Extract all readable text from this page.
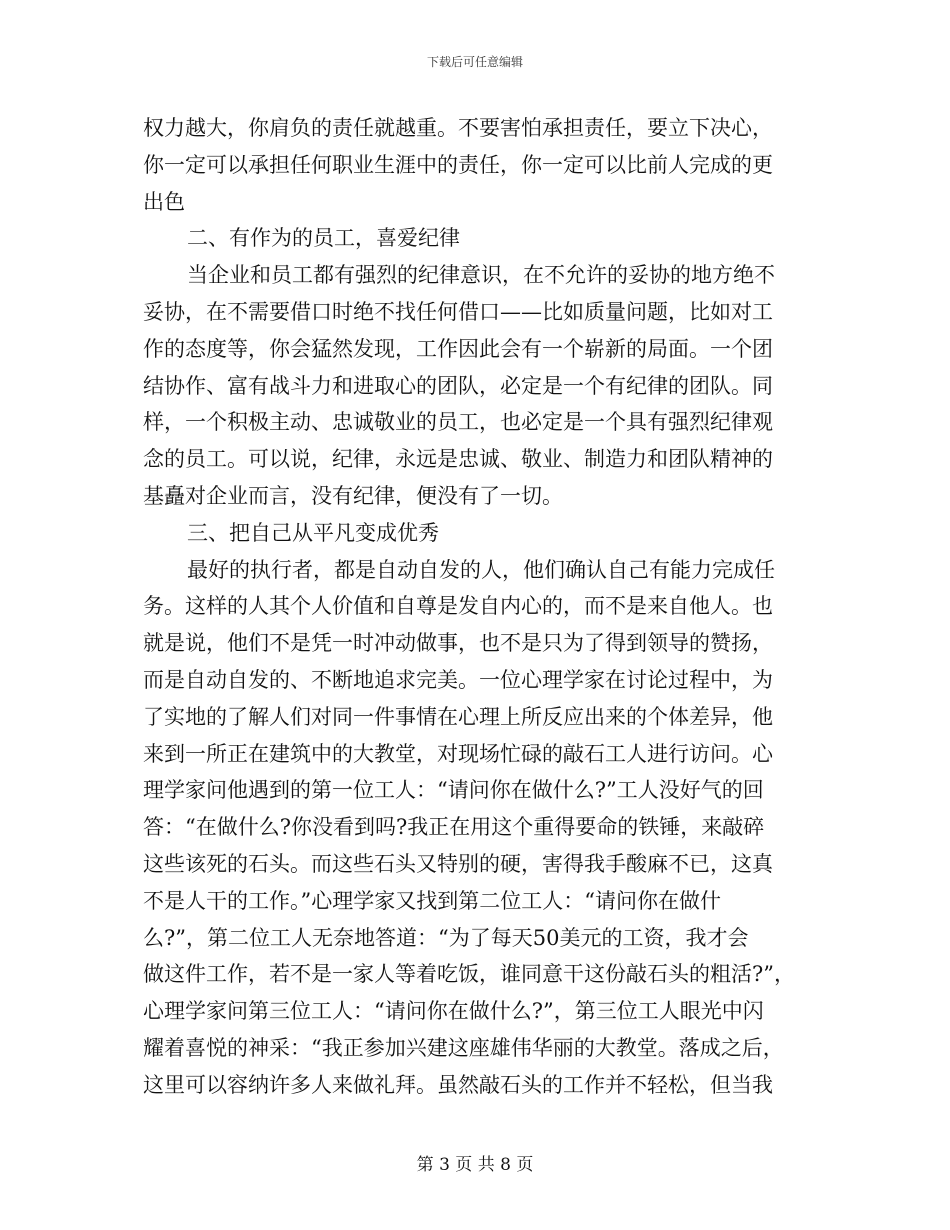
下载后可任意编辑
权力越大，你肩负的责任就越重。不要害怕承担责任，要立下决心，
你一定可以承担任何职业生涯中的责任，你一定可以比前人完成的更
出色
二、有作为的员工，喜爱纪律
当企业和员工都有强烈的纪律意识，在不允许的妥协的地方绝不
妥协，在不需要借口时绝不找任何借口——比如质量问题，比如对工
作的态度等，你会猛然发现，工作因此会有一个崭新的局面。一个团
结协作、富有战斗力和进取心的团队，必定是一个有纪律的团队。同
样，一个积极主动、忠诚敬业的员工，也必定是一个具有强烈纪律观
念的员工。可以说，纪律，永远是忠诚、敬业、制造力和团队精神的
基矗对企业而言，没有纪律，便没有了一切。
三、把自己从平凡变成优秀
最好的执行者，都是自动自发的人，他们确认自己有能力完成任
务。这样的人其个人价值和自尊是发自内心的，而不是来自他人。也
就是说，他们不是凭一时冲动做事，也不是只为了得到领导的赞扬，
而是自动自发的、不断地追求完美。一位心理学家在讨论过程中，为
了实地的了解人们对同一件事情在心理上所反应出来的个体差异，他
来到一所正在建筑中的大教堂，对现场忙碌的敲石工人进行访问。心
理学家问他遇到的第一位工人：“请问你在做什么?”工人没好气的回
答：“在做什么?你没看到吗?我正在用这个重得要命的铁锤，来敲碎
这些该死的石头。而这些石头又特别的硬，害得我手酸麻不已，这真
不是人干的工作。”心理学家又找到第二位工人：“请问你在做什
么?”，第二位工人无奈地答道：“为了每天50美元的工资，我才会
做这件工作，若不是一家人等着吃饭，谁同意干这份敲石头的粗活?”，
心理学家问第三位工人：“请问你在做什么?”，第三位工人眼光中闪
耀着喜悦的神采：“我正参加兴建这座雄伟华丽的大教堂。落成之后，
这里可以容纳许多人来做礼拜。虽然敲石头的工作并不轻松，但当我
第 3 页 共 8 页
